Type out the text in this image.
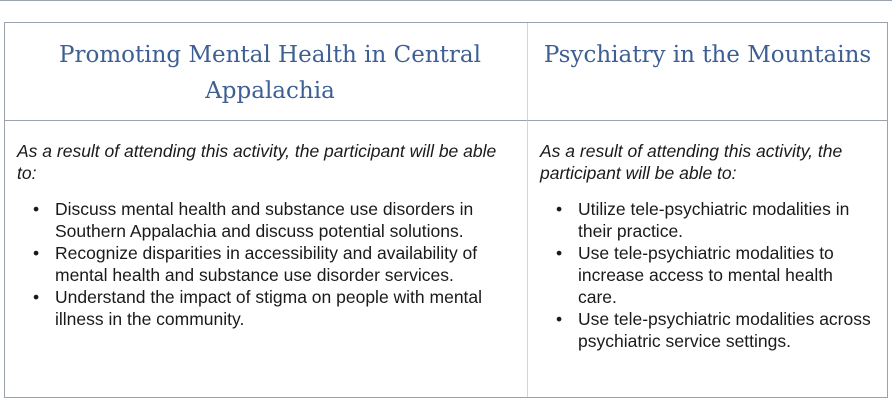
Promoting Mental Health in Central Appalachia
Psychiatry in the Mountains

As a result of attending this activity, the participant will be able to:

• Discuss mental health and substance use disorders in Southern Appalachia and discuss potential solutions.
• Recognize disparities in accessibility and availability of mental health and substance use disorder services.
• Understand the impact of stigma on people with mental illness in the community.

As a result of attending this activity, the participant will be able to:

• Utilize tele-psychiatric modalities in their practice.
• Use tele-psychiatric modalities to increase access to mental health care.
• Use tele-psychiatric modalities across psychiatric service settings.
